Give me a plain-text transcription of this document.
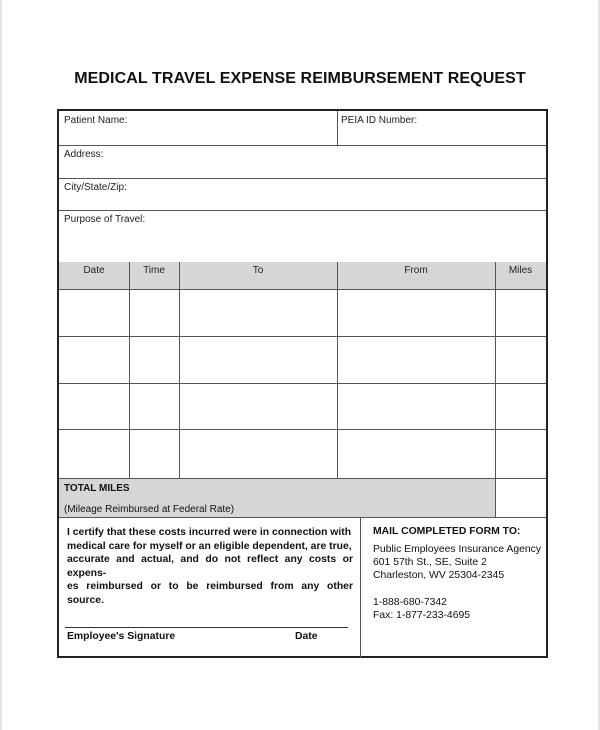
MEDICAL TRAVEL EXPENSE REIMBURSEMENT REQUEST
Patient Name:	PEIA ID Number:
Address:
City/State/Zip:
Purpose of Travel:
Date	Time	To	From	Miles
TOTAL MILES
(Mileage Reimbursed at Federal Rate)
I certify that these costs incurred were in connection with
medical care for myself or an eligible dependent, are true,
accurate and actual, and do not reflect any costs or expens-
es reimbursed or to be reimbursed from any other source.
Employee's Signature	Date
MAIL COMPLETED FORM TO:
Public Employees Insurance Agency
601 57th St., SE, Suite 2
Charleston, WV 25304-2345
1-888-680-7342
Fax: 1-877-233-4695
